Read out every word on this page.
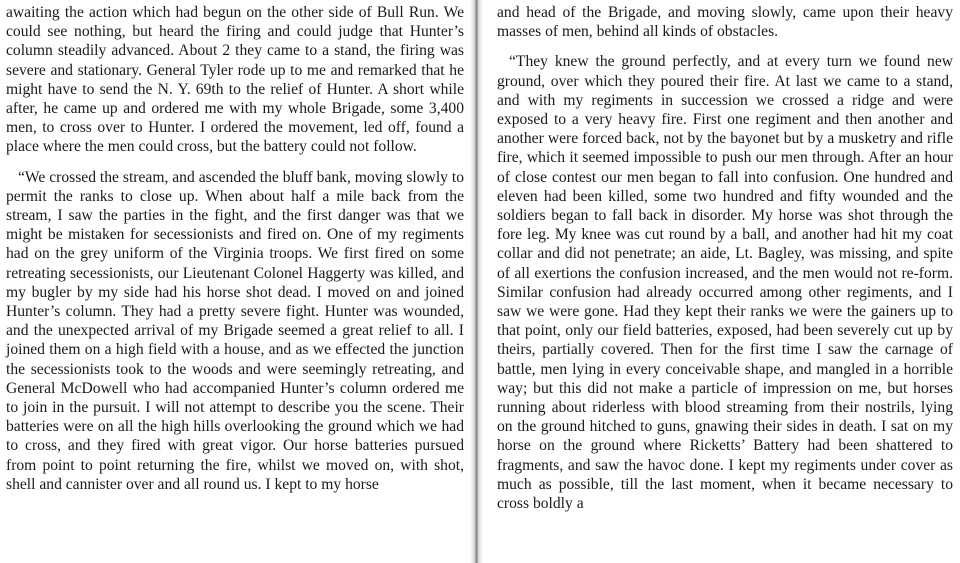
awaiting the action which had begun on the other side of Bull Run. We could see nothing, but heard the firing and could judge that Hunter’s column steadily advanced. About 2 they came to a stand, the firing was severe and stationary. General Tyler rode up to me and remarked that he might have to send the N. Y. 69th to the relief of Hunter. A short while after, he came up and ordered me with my whole Brigade, some 3,400 men, to cross over to Hunter. I ordered the movement, led off, found a place where the men could cross, but the battery could not follow.

“We crossed the stream, and ascended the bluff bank, moving slowly to permit the ranks to close up. When about half a mile back from the stream, I saw the parties in the fight, and the first danger was that we might be mistaken for secessionists and fired on. One of my regiments had on the grey uniform of the Virginia troops. We first fired on some retreating secessionists, our Lieutenant Colonel Haggerty was killed, and my bugler by my side had his horse shot dead. I moved on and joined Hunter’s column. They had a pretty severe fight. Hunter was wounded, and the unexpected arrival of my Brigade seemed a great relief to all. I joined them on a high field with a house, and as we effected the junction the secessionists took to the woods and were seemingly retreating, and General McDowell who had accompanied Hunter’s column ordered me to join in the pursuit. I will not attempt to describe you the scene. Their batteries were on all the high hills overlooking the ground which we had to cross, and they fired with great vigor. Our horse batteries pursued from point to point returning the fire, whilst we moved on, with shot, shell and cannister over and all round us. I kept to my horse

and head of the Brigade, and moving slowly, came upon their heavy masses of men, behind all kinds of obstacles.

“They knew the ground perfectly, and at every turn we found new ground, over which they poured their fire. At last we came to a stand, and with my regiments in succession we crossed a ridge and were exposed to a very heavy fire. First one regiment and then another and another were forced back, not by the bayonet but by a musketry and rifle fire, which it seemed impossible to push our men through. After an hour of close contest our men began to fall into confusion. One hundred and eleven had been killed, some two hundred and fifty wounded and the soldiers began to fall back in disorder. My horse was shot through the fore leg. My knee was cut round by a ball, and another had hit my coat collar and did not penetrate; an aide, Lt. Bagley, was missing, and spite of all exertions the confusion increased, and the men would not re-form. Similar confusion had already occurred among other regiments, and I saw we were gone. Had they kept their ranks we were the gainers up to that point, only our field batteries, exposed, had been severely cut up by theirs, partially covered. Then for the first time I saw the carnage of battle, men lying in every conceivable shape, and mangled in a horrible way; but this did not make a particle of impression on me, but horses running about riderless with blood streaming from their nostrils, lying on the ground hitched to guns, gnawing their sides in death. I sat on my horse on the ground where Ricketts’ Battery had been shattered to fragments, and saw the havoc done. I kept my regiments under cover as much as possible, till the last moment, when it became necessary to cross boldly a
